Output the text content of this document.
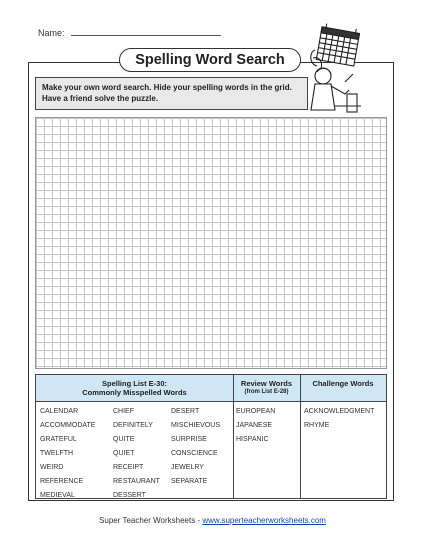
Name:
Spelling Word Search
Make your own word search. Hide your spelling words in the grid. Have a friend solve the puzzle.
Spelling List E-30:
Commonly Misspelled Words
Review Words
(from List E-28)
Challenge Words
CALENDAR
ACCOMMODATE
GRATEFUL
TWELFTH
WEIRD
REFERENCE
MEDIEVAL
CHIEF
DEFINITELY
QUITE
QUIET
RECEIPT
RESTAURANT
DESSERT
DESERT
MISCHIEVOUS
SURPRISE
CONSCIENCE
JEWELRY
SEPARATE
EUROPEAN
JAPANESE
HISPANIC
ACKNOWLEDGMENT
RHYME
Super Teacher Worksheets - www.superteacherworksheets.com
